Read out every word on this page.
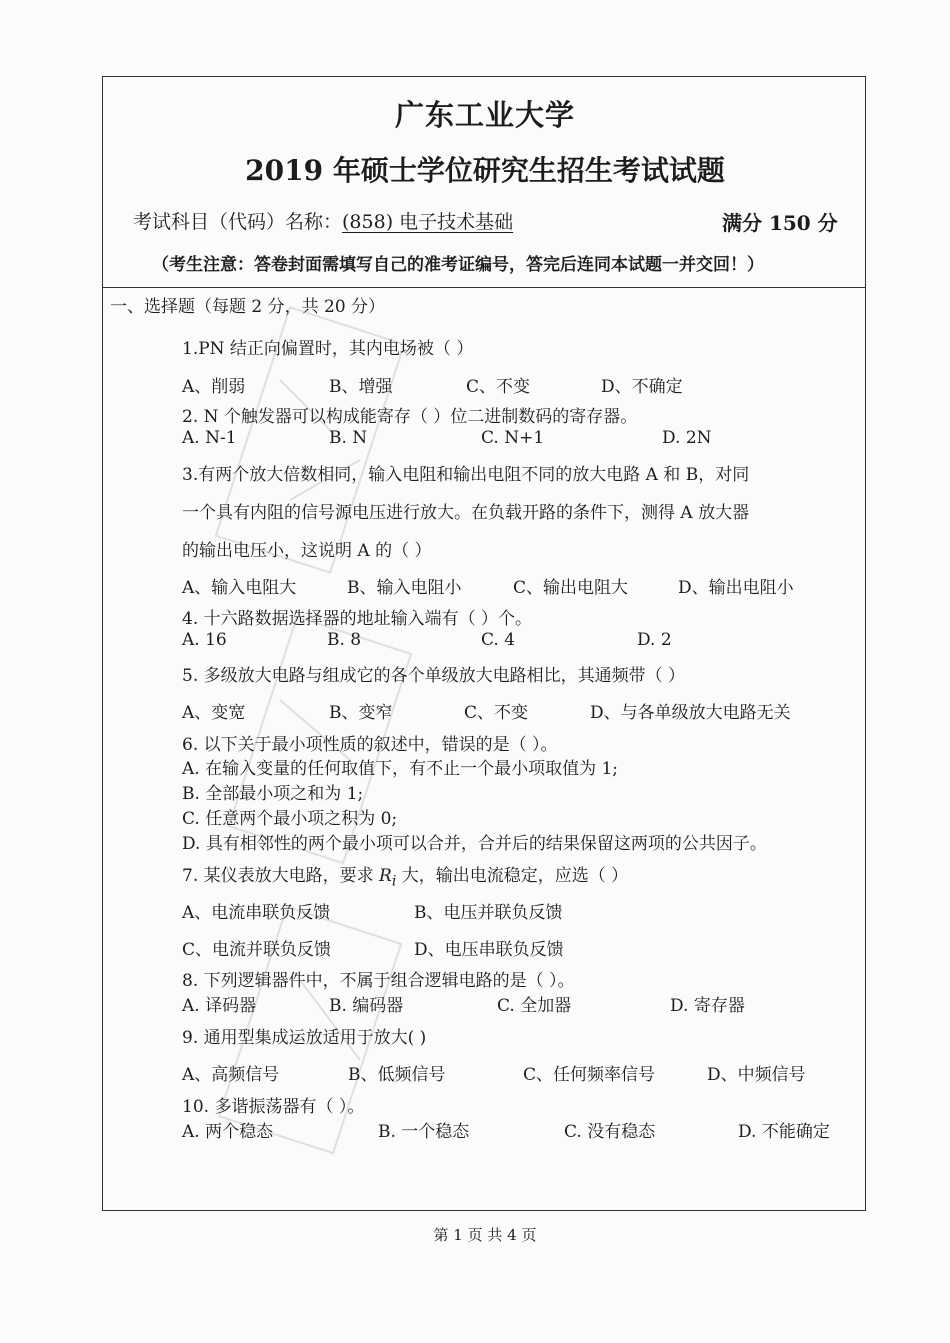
广东工业大学
2019 年硕士学位研究生招生考试试题
考试科目（代码）名称：(858) 电子技术基础	满分 150 分
（考生注意：答卷封面需填写自己的准考证编号，答完后连同本试题一并交回！）
一、选择题（每题 2 分，共 20 分）
1.PN 结正向偏置时，其内电场被（ ）
A、削弱	B、增强	C、不变	D、不确定
2. N 个触发器可以构成能寄存（ ）位二进制数码的寄存器。
A. N-1	B. N	C. N+1	D. 2N
3.有两个放大倍数相同，输入电阻和输出电阻不同的放大电路 A 和 B，对同
一个具有内阻的信号源电压进行放大。在负载开路的条件下，测得 A 放大器
的输出电压小，这说明 A 的（ ）
A、输入电阻大	B、输入电阻小	C、输出电阻大	D、输出电阻小
4. 十六路数据选择器的地址输入端有（ ）个。
A. 16	B. 8	C. 4	D. 2
5. 多级放大电路与组成它的各个单级放大电路相比，其通频带（ ）
A、变宽	B、变窄	C、不变	D、与各单级放大电路无关
6. 以下关于最小项性质的叙述中，错误的是（ ）。
A. 在输入变量的任何取值下，有不止一个最小项取值为 1;
B. 全部最小项之和为 1;
C. 任意两个最小项之积为 0;
D. 具有相邻性的两个最小项可以合并，合并后的结果保留这两项的公共因子。
7. 某仪表放大电路，要求 $R_i$ 大，输出电流稳定，应选（ ）
A、电流串联负反馈	B、电压并联负反馈
C、电流并联负反馈	D、电压串联负反馈
8. 下列逻辑器件中，不属于组合逻辑电路的是（ ）。
A. 译码器	B. 编码器	C. 全加器	D. 寄存器
9. 通用型集成运放适用于放大( )
A、高频信号	B、低频信号	C、任何频率信号	D、中频信号
10. 多谐振荡器有（ ）。
A. 两个稳态	B. 一个稳态	C. 没有稳态	D. 不能确定
第 1 页 共 4 页
